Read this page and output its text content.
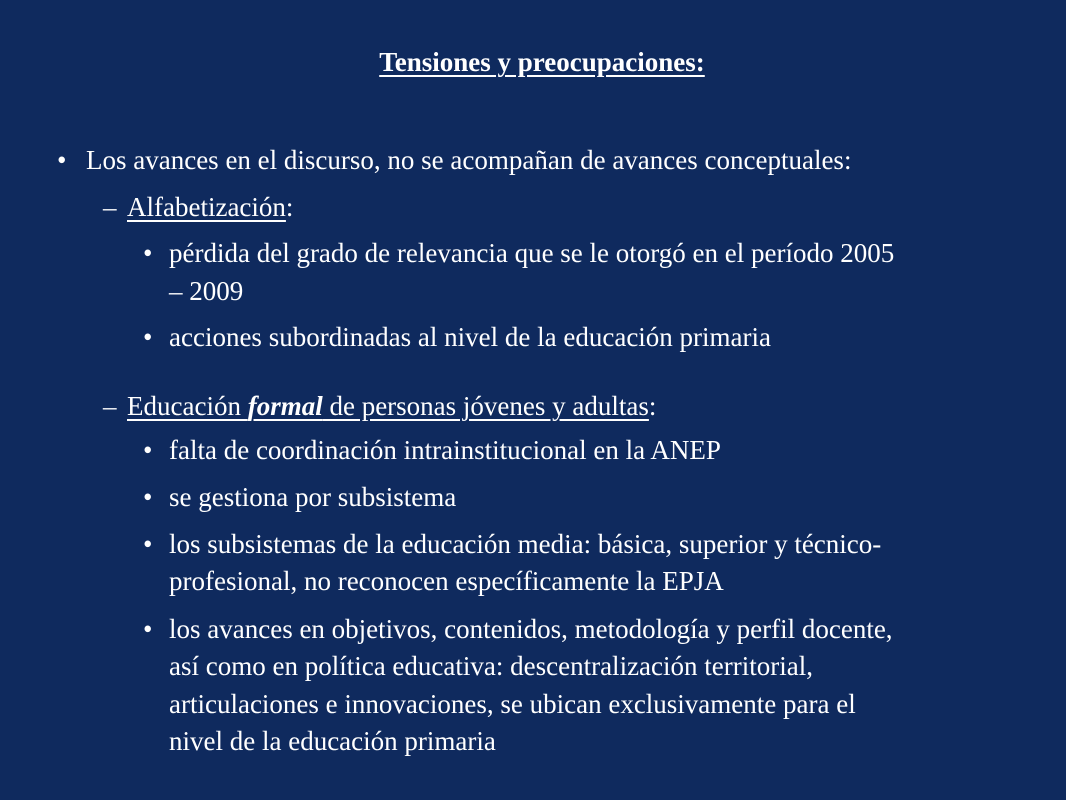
Tensiones y preocupaciones:
• Los avances en el discurso, no se acompañan de avances conceptuales:
– Alfabetización:
• pérdida del grado de relevancia que se le otorgó en el período 2005
– 2009
• acciones subordinadas al nivel de la educación primaria
– Educación formal de personas jóvenes y adultas:
• falta de coordinación intrainstitucional en la ANEP
• se gestiona por subsistema
• los subsistemas de la educación media: básica, superior y técnico-
profesional, no reconocen específicamente la EPJA
• los avances en objetivos, contenidos, metodología y perfil docente,
así como en política educativa: descentralización territorial,
articulaciones e innovaciones, se ubican exclusivamente para el
nivel de la educación primaria
